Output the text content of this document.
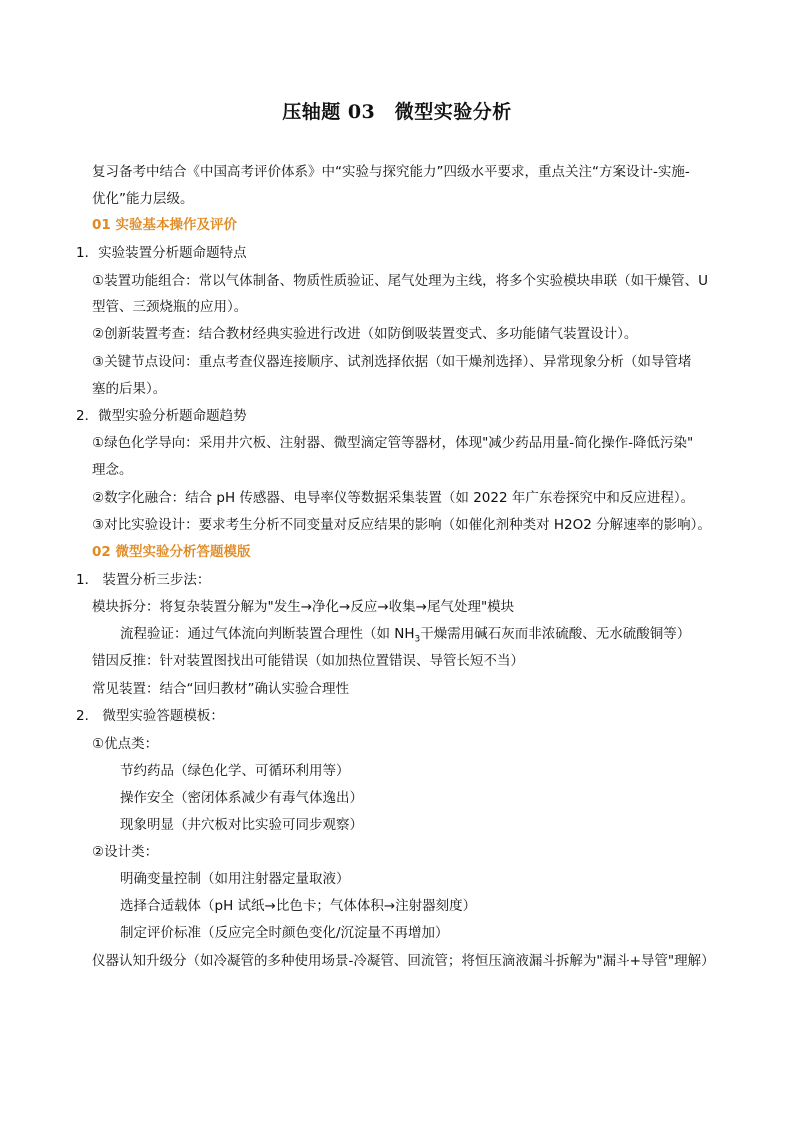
压轴题 03　微型实验分析
复习备考中结合《中国高考评价体系》中“实验与探究能力”四级水平要求，重点关注“方案设计-实施-
优化”能力层级。
01 实验基本操作及评价
1．实验装置分析题命题特点
①装置功能组合：常以气体制备、物质性质验证、尾气处理为主线，将多个实验模块串联（如干燥管、U
型管、三颈烧瓶的应用）。
②创新装置考查：结合教材经典实验进行改进（如防倒吸装置变式、多功能储气装置设计）。
③关键节点设问：重点考查仪器连接顺序、试剂选择依据（如干燥剂选择）、异常现象分析（如导管堵
塞的后果）。
2．微型实验分析题命题趋势
①绿色化学导向：采用井穴板、注射器、微型滴定管等器材，体现"减少药品用量-简化操作-降低污染"
理念。
②数字化融合：结合 pH 传感器、电导率仪等数据采集装置（如 2022 年广东卷探究中和反应进程）。
③对比实验设计：要求考生分析不同变量对反应结果的影响（如催化剂种类对 H2O2 分解速率的影响）。
02 微型实验分析答题模版
1． 装置分析三步法：
模块拆分：将复杂装置分解为"发生→净化→反应→收集→尾气处理"模块
流程验证：通过气体流向判断装置合理性（如 $NH_3$干燥需用碱石灰而非浓硫酸、无水硫酸铜等）
错因反推：针对装置图找出可能错误（如加热位置错误、导管长短不当）
常见装置：结合“回归教材”确认实验合理性
2． 微型实验答题模板：
①优点类：
节约药品（绿色化学、可循环利用等）
操作安全（密闭体系减少有毒气体逸出）
现象明显（井穴板对比实验可同步观察）
②设计类：
明确变量控制（如用注射器定量取液）
选择合适载体（pH 试纸→比色卡；气体体积→注射器刻度）
制定评价标准（反应完全时颜色变化/沉淀量不再增加）
仪器认知升级分（如冷凝管的多种使用场景-冷凝管、回流管；将恒压滴液漏斗拆解为"漏斗+导管"理解）
